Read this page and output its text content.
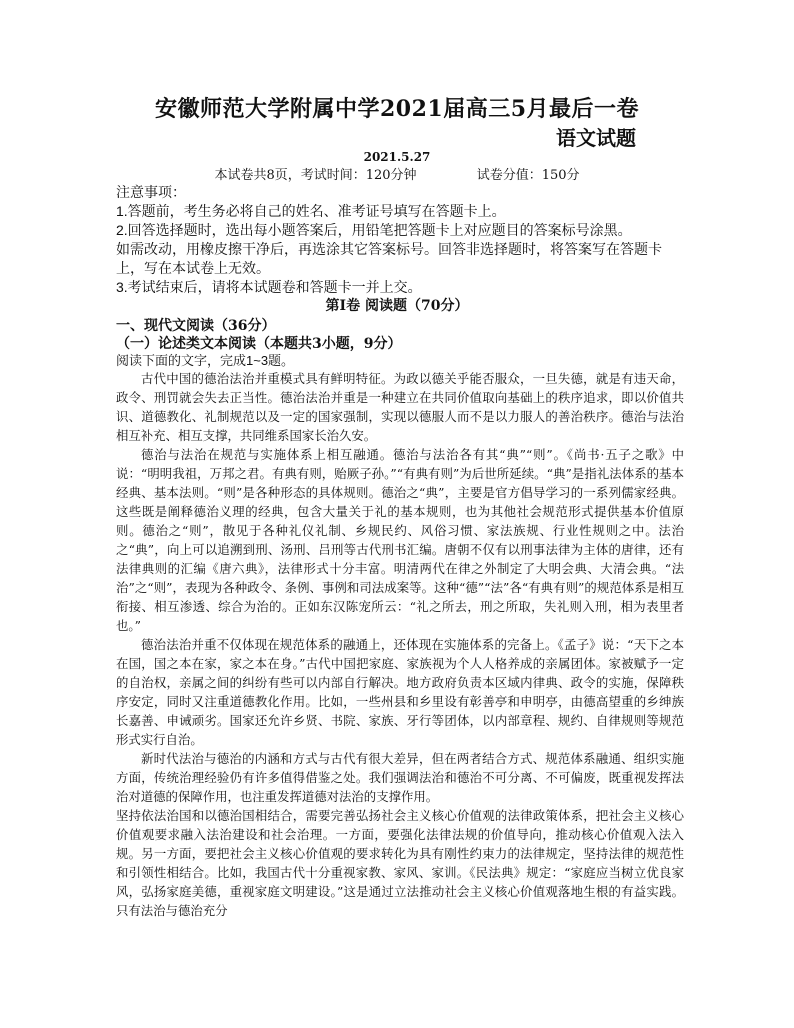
安徽师范大学附属中学2021届高三5月最后一卷
语文试题
2021.5.27
本试卷共8页，考试时间：120分钟	试卷分值：150分
注意事项：
1.答题前，考生务必将自己的姓名、准考证号填写在答题卡上。
2.回答选择题时，选出每小题答案后，用铅笔把答题卡上对应题目的答案标号涂黑。
如需改动，用橡皮擦干净后，再选涂其它答案标号。回答非选择题时，将答案写在答题卡
上，写在本试卷上无效。
3.考试结束后，请将本试题卷和答题卡一并上交。
第Ⅰ卷 阅读题（70分）
一、现代文阅读（36分）
（一）论述类文本阅读（本题共3小题，9分）
阅读下面的文字，完成1~3题。

古代中国的德治法治并重模式具有鲜明特征。为政以德关乎能否服众，一旦失德，就是有违天命，政令、刑罚就会失去正当性。德治法治并重是一种建立在共同价值取向基础上的秩序追求，即以价值共识、道德教化、礼制规范以及一定的国家强制，实现以德服人而不是以力服人的善治秩序。德治与法治相互补充、相互支撑，共同维系国家长治久安。

德治与法治在规范与实施体系上相互融通。德治与法治各有其“典”“则”。《尚书·五子之歌》中说：“明明我祖，万邦之君。有典有则，贻厥子孙。”“有典有则”为后世所延续。“典”是指礼法体系的基本经典、基本法则。“则”是各种形态的具体规则。德治之“典”，主要是官方倡导学习的一系列儒家经典。这些既是阐释德治义理的经典，包含大量关于礼的基本规则，也为其他社会规范形式提供基本价值原则。德治之“则”，散见于各种礼仪礼制、乡规民约、风俗习惯、家法族规、行业性规则之中。法治之“典”，向上可以追溯到刑、汤刑、吕刑等古代刑书汇编。唐朝不仅有以刑事法律为主体的唐律，还有法律典则的汇编《唐六典》，法律形式十分丰富。明清两代在律之外制定了大明会典、大清会典。“法治”之“则”，表现为各种政令、条例、事例和司法成案等。这种“德”“法”各“有典有则”的规范体系是相互衔接、相互渗透、综合为治的。正如东汉陈宠所云：“礼之所去，刑之所取，失礼则入刑，相为表里者也。”

德治法治并重不仅体现在规范体系的融通上，还体现在实施体系的完备上。《孟子》说：“天下之本在国，国之本在家，家之本在身。”古代中国把家庭、家族视为个人人格养成的亲属团体。家被赋予一定的自治权，亲属之间的纠纷有些可以内部自行解决。地方政府负责本区域内律典、政令的实施，保障秩序安定，同时又注重道德教化作用。比如，一些州县和乡里设有彰善亭和申明亭，由德高望重的乡绅族长嘉善、申诫顽劣。国家还允许乡贤、书院、家族、牙行等团体，以内部章程、规约、自律规则等规范形式实行自治。

新时代法治与德治的内涵和方式与古代有很大差异，但在两者结合方式、规范体系融通、组织实施方面，传统治理经验仍有许多值得借鉴之处。我们强调法治和德治不可分离、不可偏废，既重视发挥法治对道德的保障作用，也注重发挥道德对法治的支撑作用。

坚持依法治国和以德治国相结合，需要完善弘扬社会主义核心价值观的法律政策体系，把社会主义核心价值观要求融入法治建设和社会治理。一方面，要强化法律法规的价值导向，推动核心价值观入法入规。另一方面，要把社会主义核心价值观的要求转化为具有刚性约束力的法律规定，坚持法律的规范性和引领性相结合。比如，我国古代十分重视家教、家风、家训。《民法典》规定：“家庭应当树立优良家风，弘扬家庭美德，重视家庭文明建设。”这是通过立法推动社会主义核心价值观落地生根的有益实践。只有法治与德治充分
